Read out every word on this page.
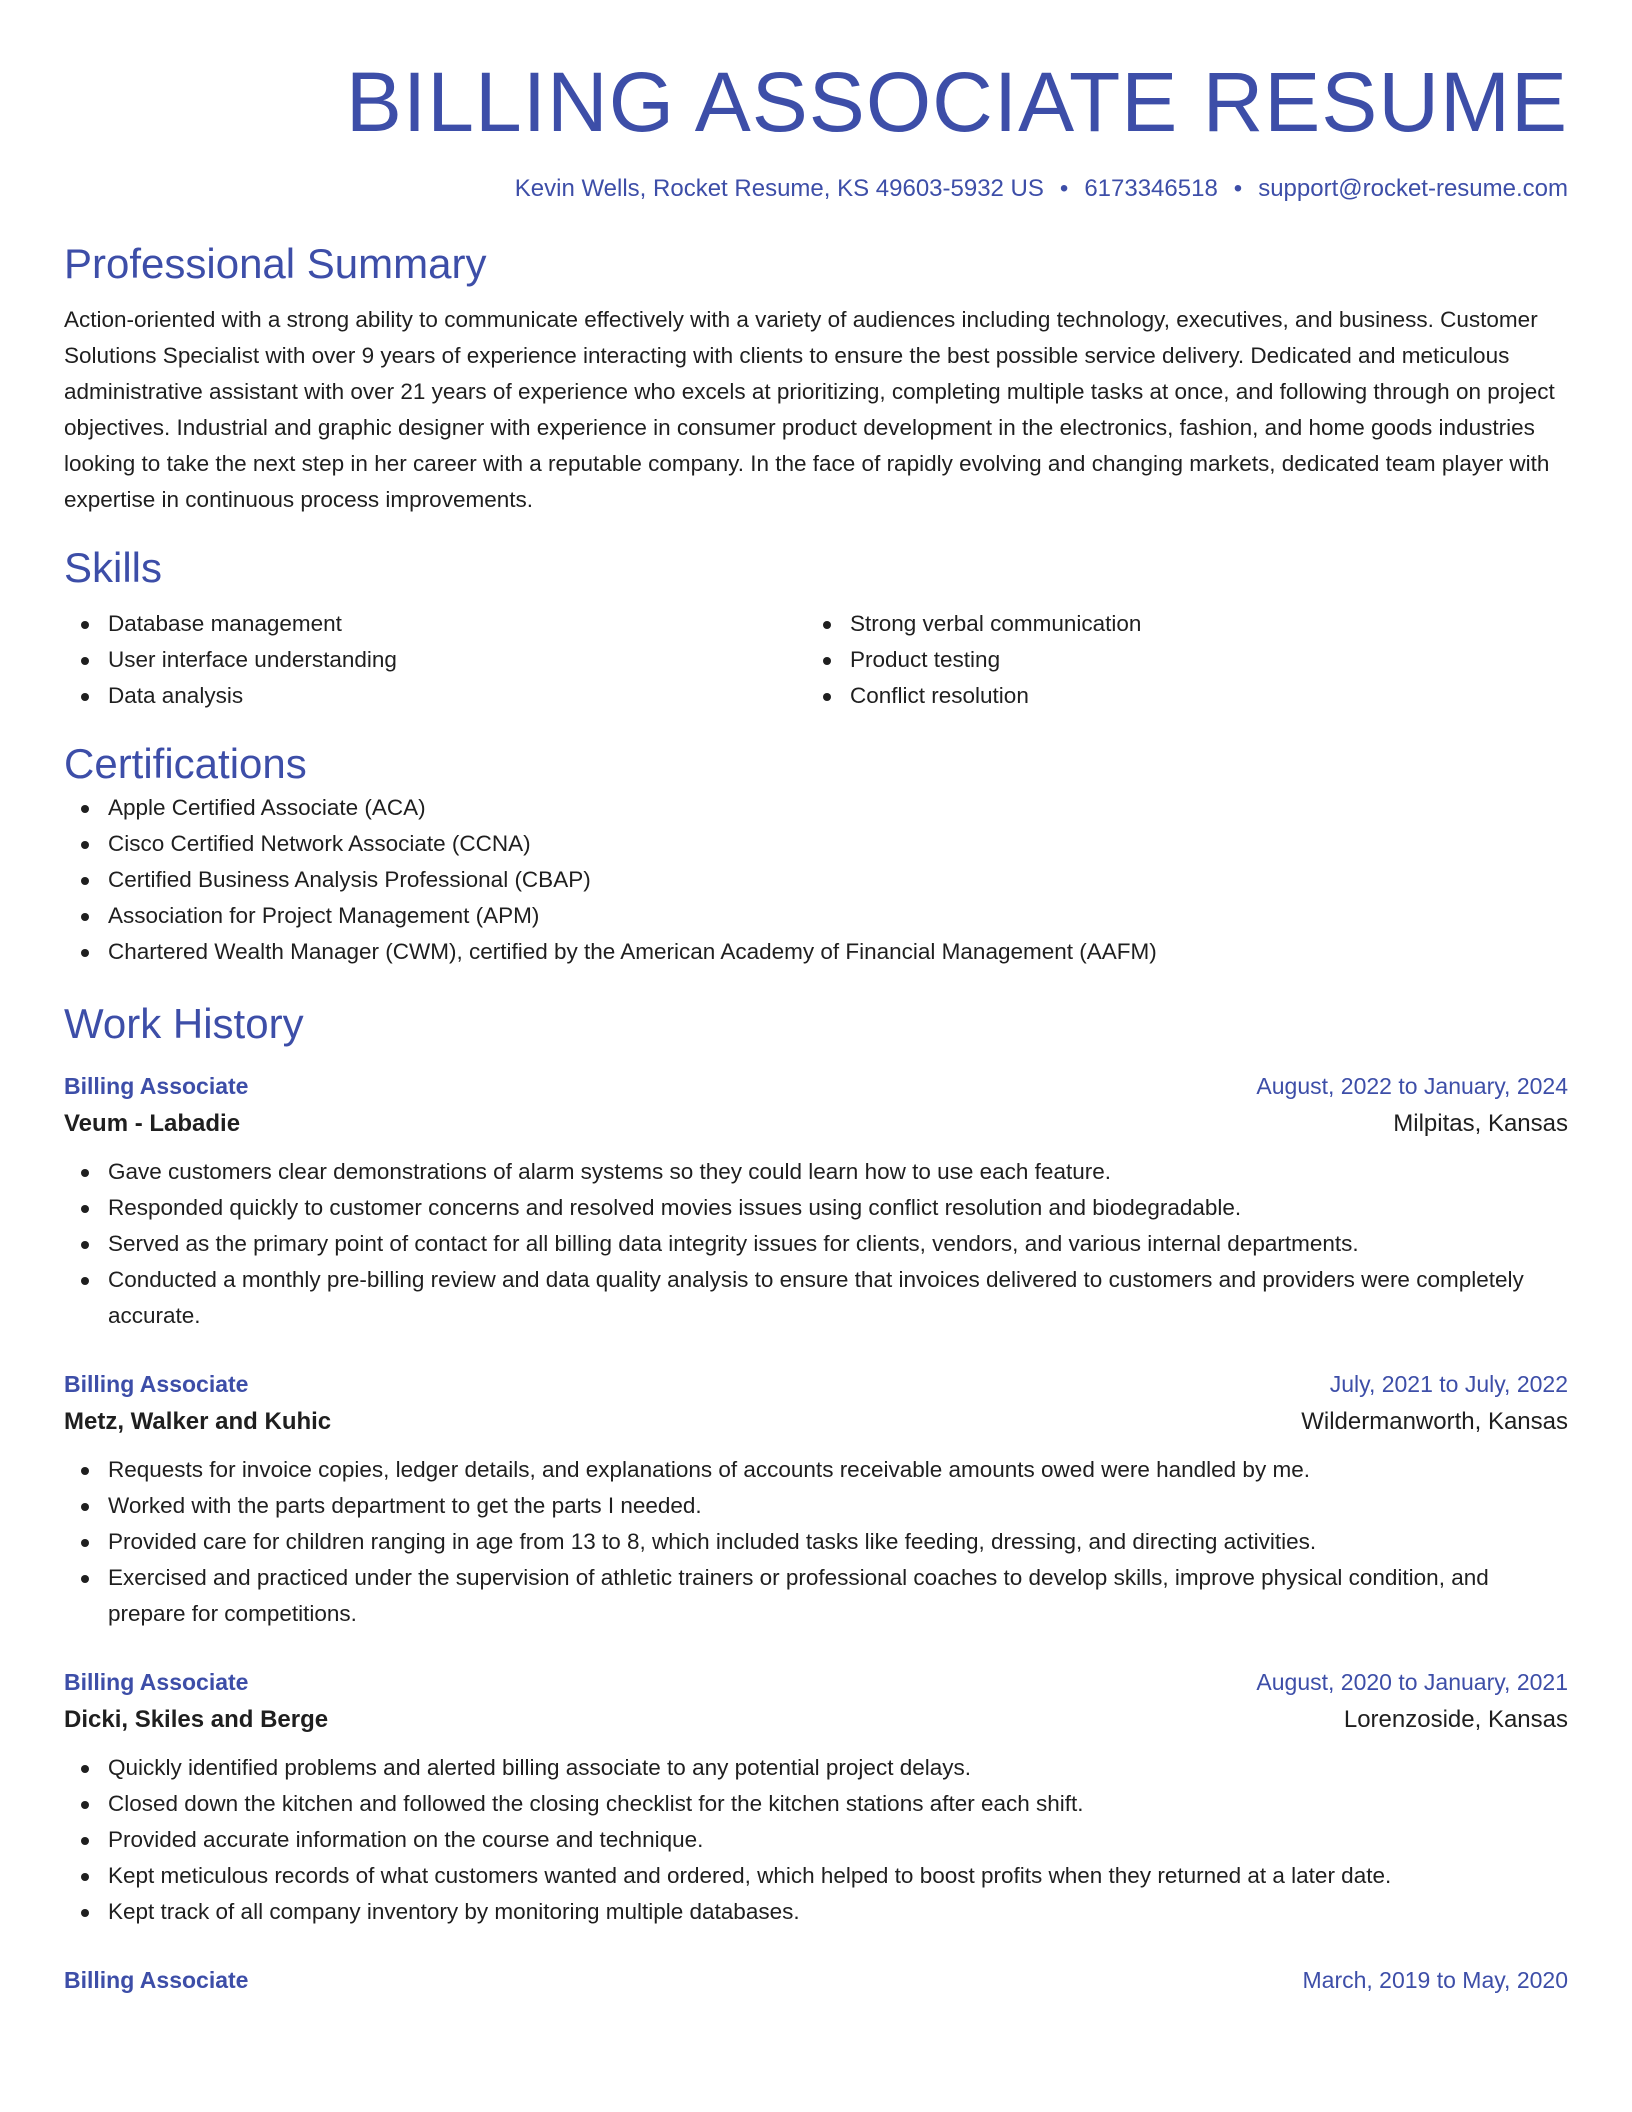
BILLING ASSOCIATE RESUME
Kevin Wells, Rocket Resume, KS 49603-5932 US • 6173346518 • support@rocket-resume.com
Professional Summary
Action-oriented with a strong ability to communicate effectively with a variety of audiences including technology, executives, and business. Customer Solutions Specialist with over 9 years of experience interacting with clients to ensure the best possible service delivery. Dedicated and meticulous administrative assistant with over 21 years of experience who excels at prioritizing, completing multiple tasks at once, and following through on project objectives. Industrial and graphic designer with experience in consumer product development in the electronics, fashion, and home goods industries looking to take the next step in her career with a reputable company. In the face of rapidly evolving and changing markets, dedicated team player with expertise in continuous process improvements.
Skills
Database management
User interface understanding
Data analysis
Strong verbal communication
Product testing
Conflict resolution
Certifications
Apple Certified Associate (ACA)
Cisco Certified Network Associate (CCNA)
Certified Business Analysis Professional (CBAP)
Association for Project Management (APM)
Chartered Wealth Manager (CWM), certified by the American Academy of Financial Management (AAFM)
Work History
Billing Associate	August, 2022 to January, 2024
Veum - Labadie	Milpitas, Kansas
Gave customers clear demonstrations of alarm systems so they could learn how to use each feature.
Responded quickly to customer concerns and resolved movies issues using conflict resolution and biodegradable.
Served as the primary point of contact for all billing data integrity issues for clients, vendors, and various internal departments.
Conducted a monthly pre-billing review and data quality analysis to ensure that invoices delivered to customers and providers were completely accurate.
Billing Associate	July, 2021 to July, 2022
Metz, Walker and Kuhic	Wildermanworth, Kansas
Requests for invoice copies, ledger details, and explanations of accounts receivable amounts owed were handled by me.
Worked with the parts department to get the parts I needed.
Provided care for children ranging in age from 13 to 8, which included tasks like feeding, dressing, and directing activities.
Exercised and practiced under the supervision of athletic trainers or professional coaches to develop skills, improve physical condition, and prepare for competitions.
Billing Associate	August, 2020 to January, 2021
Dicki, Skiles and Berge	Lorenzoside, Kansas
Quickly identified problems and alerted billing associate to any potential project delays.
Closed down the kitchen and followed the closing checklist for the kitchen stations after each shift.
Provided accurate information on the course and technique.
Kept meticulous records of what customers wanted and ordered, which helped to boost profits when they returned at a later date.
Kept track of all company inventory by monitoring multiple databases.
Billing Associate	March, 2019 to May, 2020
